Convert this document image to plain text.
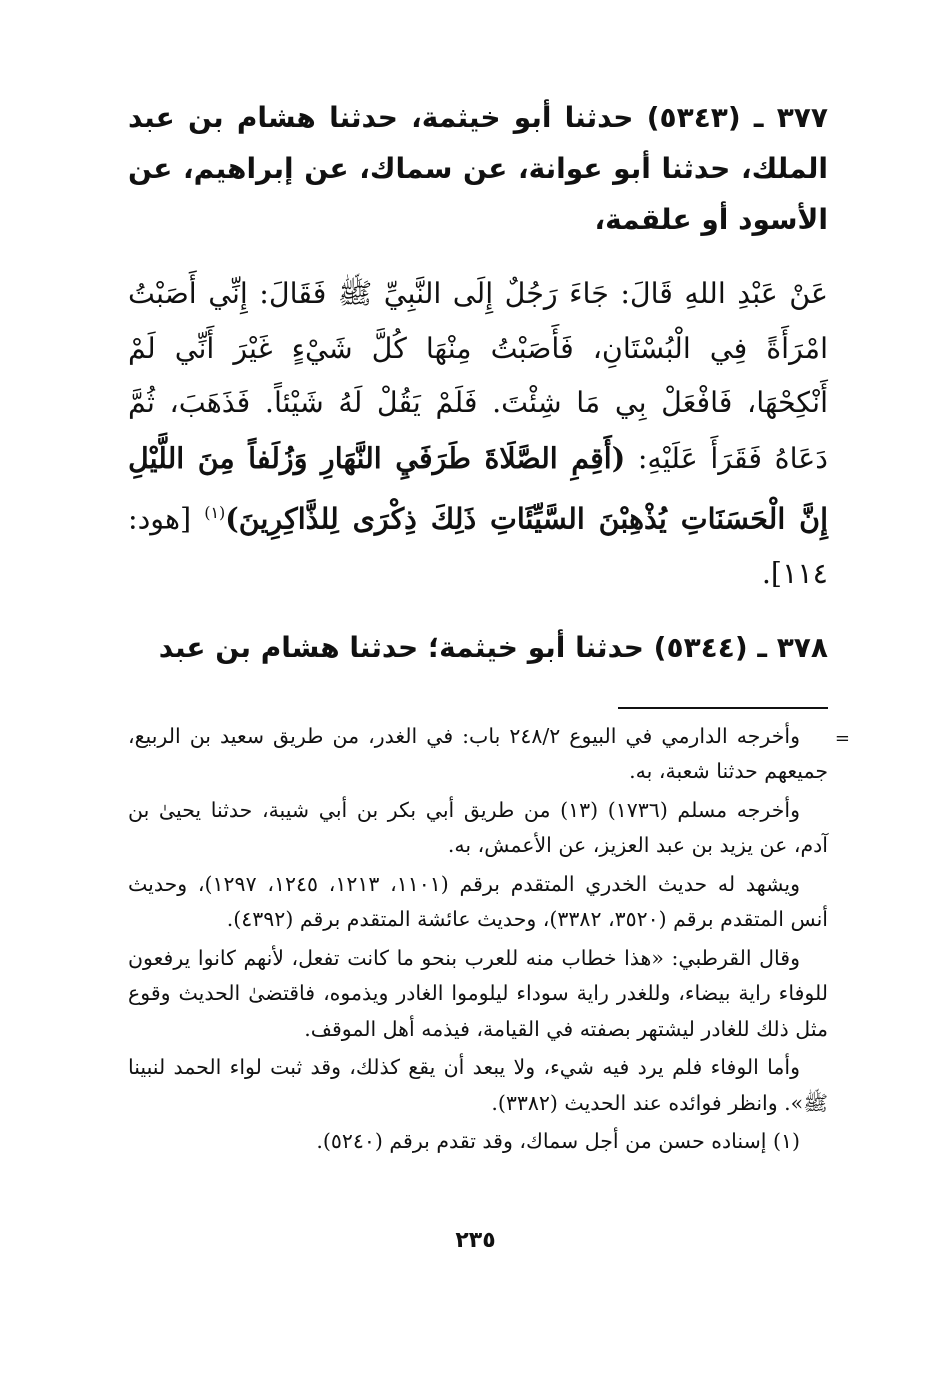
٣٧٧ ـ (٥٣٤٣) حدثنا أبو خيثمة، حدثنا هشام بن عبد الملك، حدثنا أبو عوانة، عن سماك، عن إبراهيم، عن الأسود أو علقمة،

عَنْ عَبْدِ اللهِ قَالَ: جَاءَ رَجُلٌ إِلَى النَّبِيِّ ﷺ فَقَالَ: إِنِّي أَصَبْتُ امْرَأَةً فِي الْبُسْتَانِ، فَأَصَبْتُ مِنْهَا كُلَّ شَيْءٍ غَيْرَ أَنِّي لَمْ أَنْكِحْهَا، فَافْعَلْ بِي مَا شِئْتَ. فَلَمْ يَقُلْ لَهُ شَيْئاً. فَذَهَبَ، ثُمَّ دَعَاهُ فَقَرَأَ عَلَيْهِ: (أَقِمِ الصَّلَاةَ طَرَفَيِ النَّهَارِ وَزُلَفاً مِنَ اللَّيْلِ إِنَّ الْحَسَنَاتِ يُذْهِبْنَ السَّيِّئَاتِ ذَلِكَ ذِكْرَى لِلذَّاكِرِينَ)$^{(١)}$ [هود: ١١٤].

٣٧٨ ـ (٥٣٤٤) حدثنا أبو خيثمة؛ حدثنا هشام بن عبد

=

وأخرجه الدارمي في البيوع ٢٤٨/٢ باب: في الغدر، من طريق سعيد بن الربيع، جميعهم حدثنا شعبة، به.

وأخرجه مسلم (١٧٣٦) (١٣) من طريق أبي بكر بن أبي شيبة، حدثنا يحيىٰ بن آدم، عن يزيد بن عبد العزيز، عن الأعمش، به.

ويشهد له حديث الخدري المتقدم برقم (١١٠١، ١٢١٣، ١٢٤٥، ١٢٩٧)، وحديث أنس المتقدم برقم (٣٥٢٠، ٣٣٨٢)، وحديث عائشة المتقدم برقم (٤٣٩٢).

وقال القرطبي: «هذا خطاب منه للعرب بنحو ما كانت تفعل، لأنهم كانوا يرفعون للوفاء راية بيضاء، وللغدر راية سوداء ليلوموا الغادر ويذموه، فاقتضىٰ الحديث وقوع مثل ذلك للغادر ليشتهر بصفته في القيامة، فيذمه أهل الموقف.

وأما الوفاء فلم يرد فيه شيء، ولا يبعد أن يقع كذلك، وقد ثبت لواء الحمد لنبينا ﷺ». وانظر فوائده عند الحديث (٣٣٨٢).

(١) إسناده حسن من أجل سماك، وقد تقدم برقم (٥٢٤٠).

٢٣٥
